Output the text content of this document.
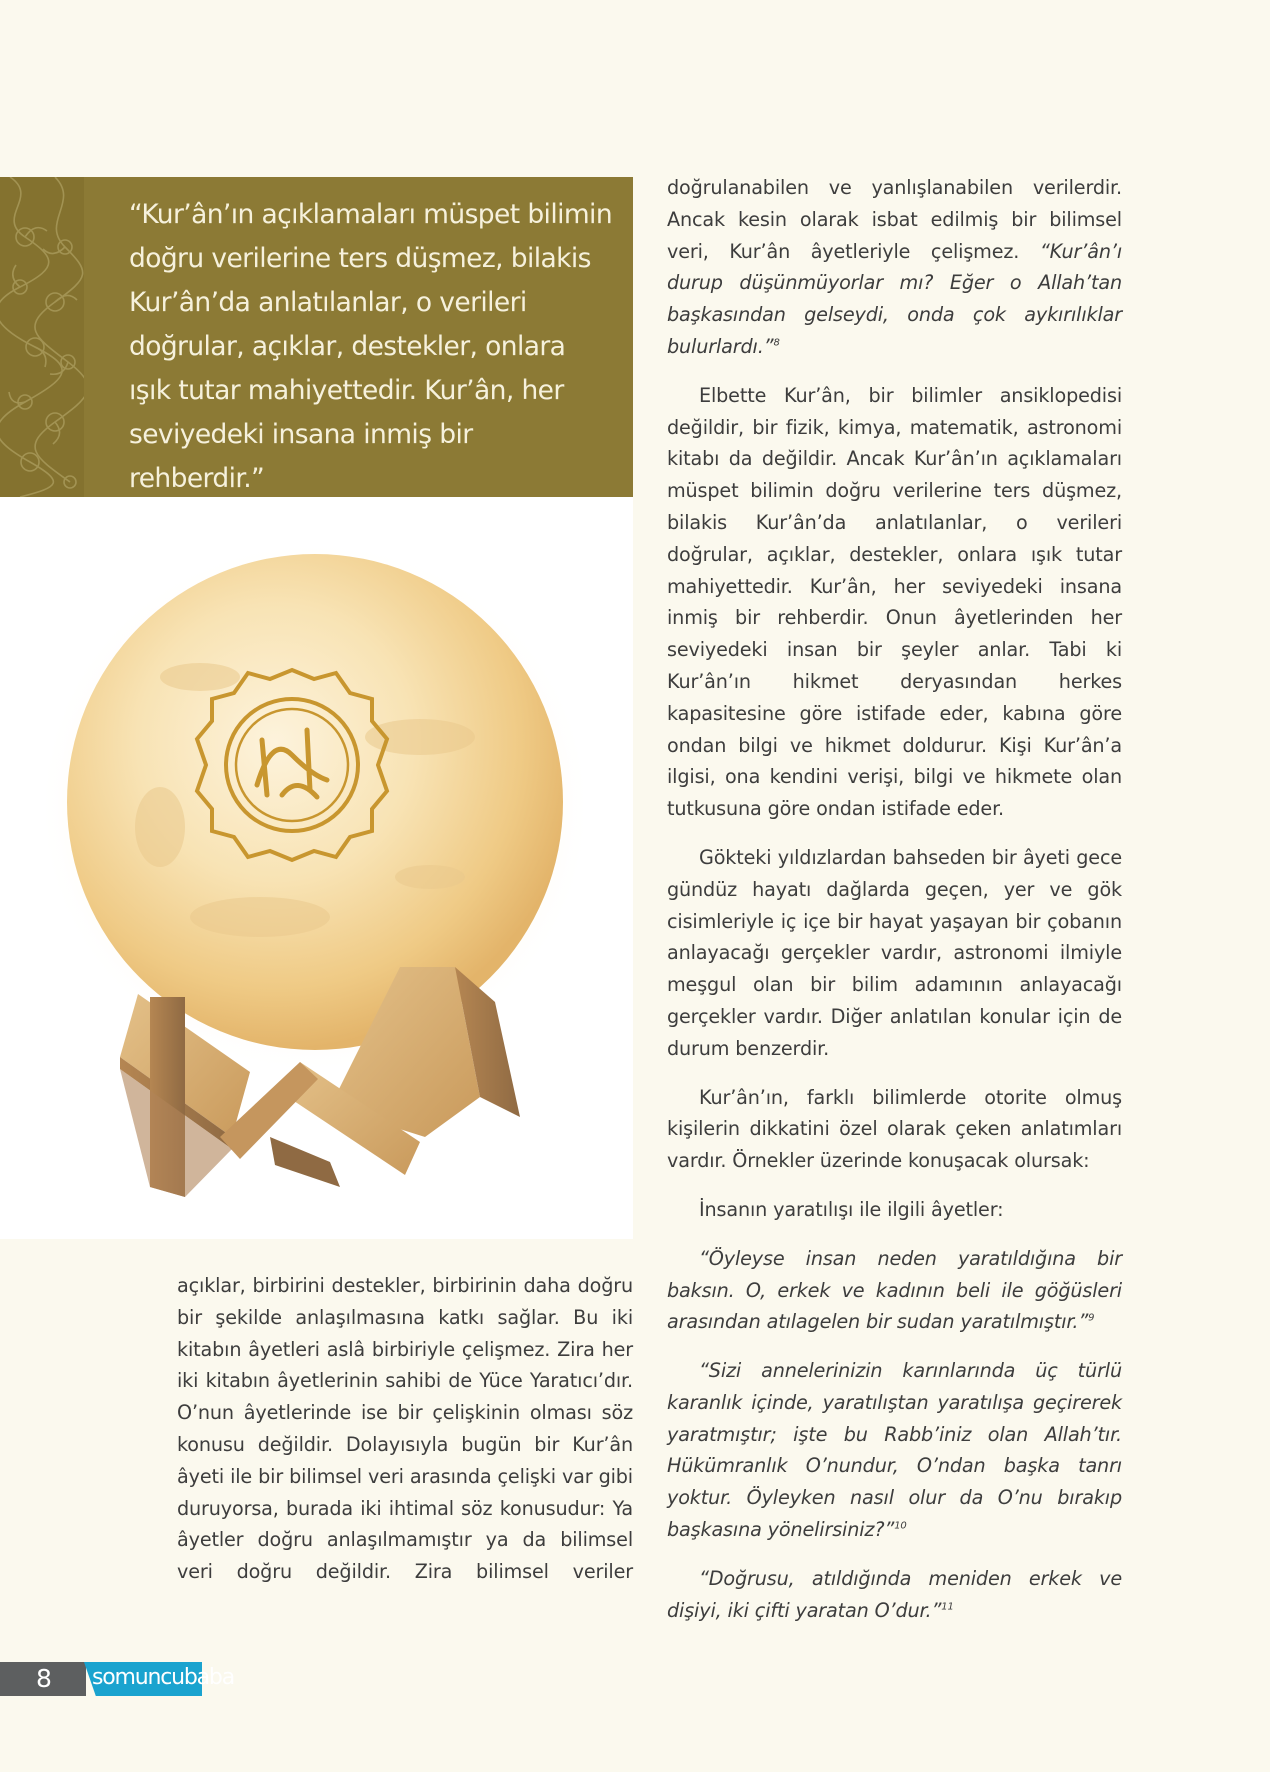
“Kur’ân’ın açıklamaları müspet bilimin doğru verilerine ters düşmez, bilakis Kur’ân’da anlatılanlar, o verileri doğrular, açıklar, destekler, onlara ışık tutar mahiyettedir. Kur’ân, her seviyedeki insana inmiş bir rehberdir.”

açıklar, birbirini destekler, birbirinin daha doğru bir şekilde anlaşılmasına katkı sağlar. Bu iki kitabın âyetleri aslâ birbiriyle çelişmez. Zira her iki kitabın âyetlerinin sahibi de Yüce Yaratıcı’dır. O’nun âyetlerinde ise bir çelişkinin olması söz konusu değildir. Dolayısıyla bugün bir Kur’ân âyeti ile bir bilimsel veri arasında çelişki var gibi duruyorsa, burada iki ihtimal söz konusudur: Ya âyetler doğru anlaşılmamıştır ya da bilimsel veri doğru değildir. Zira bilimsel veriler

doğrulanabilen ve yanlışlanabilen verilerdir. Ancak kesin olarak isbat edilmiş bir bilimsel veri, Kur’ân âyetleriyle çelişmez. “Kur’ân’ı durup düşünmüyorlar mı? Eğer o Allah’tan başkasından gelseydi, onda çok aykırılıklar bulurlardı.”$^8$

Elbette Kur’ân, bir bilimler ansiklopedisi değildir, bir fizik, kimya, matematik, astronomi kitabı da değildir. Ancak Kur’ân’ın açıklamaları müspet bilimin doğru verilerine ters düşmez, bilakis Kur’ân’da anlatılanlar, o verileri doğrular, açıklar, destekler, onlara ışık tutar mahiyettedir. Kur’ân, her seviyedeki insana inmiş bir rehberdir. Onun âyetlerinden her seviyedeki insan bir şeyler anlar. Tabi ki Kur’ân’ın hikmet deryasından herkes kapasitesine göre istifade eder, kabına göre ondan bilgi ve hikmet doldurur. Kişi Kur’ân’a ilgisi, ona kendini verişi, bilgi ve hikmete olan tutkusuna göre ondan istifade eder.

Gökteki yıldızlardan bahseden bir âyeti gece gündüz hayatı dağlarda geçen, yer ve gök cisimleriyle iç içe bir hayat yaşayan bir çobanın anlayacağı gerçekler vardır, astronomi ilmiyle meşgul olan bir bilim adamının anlayacağı gerçekler vardır. Diğer anlatılan konular için de durum benzerdir.

Kur’ân’ın, farklı bilimlerde otorite olmuş kişilerin dikkatini özel olarak çeken anlatımları vardır. Örnekler üzerinde konuşacak olursak:

İnsanın yaratılışı ile ilgili âyetler:

“Öyleyse insan neden yaratıldığına bir baksın. O, erkek ve kadının beli ile göğüsleri arasından atılagelen bir sudan yaratılmıştır.”$^9$

“Sizi annelerinizin karınlarında üç türlü karanlık içinde, yaratılıştan yaratılışa geçirerek yaratmıştır; işte bu Rabb’iniz olan Allah’tır. Hükümranlık O’nundur, O’ndan başka tanrı yoktur. Öyleyken nasıl olur da O’nu bırakıp başkasına yönelirsiniz?”$^{10}$

“Doğrusu, atıldığında meniden erkek ve dişiyi, iki çifti yaratan O’dur.”$^{11}$

8 somuncubaba
